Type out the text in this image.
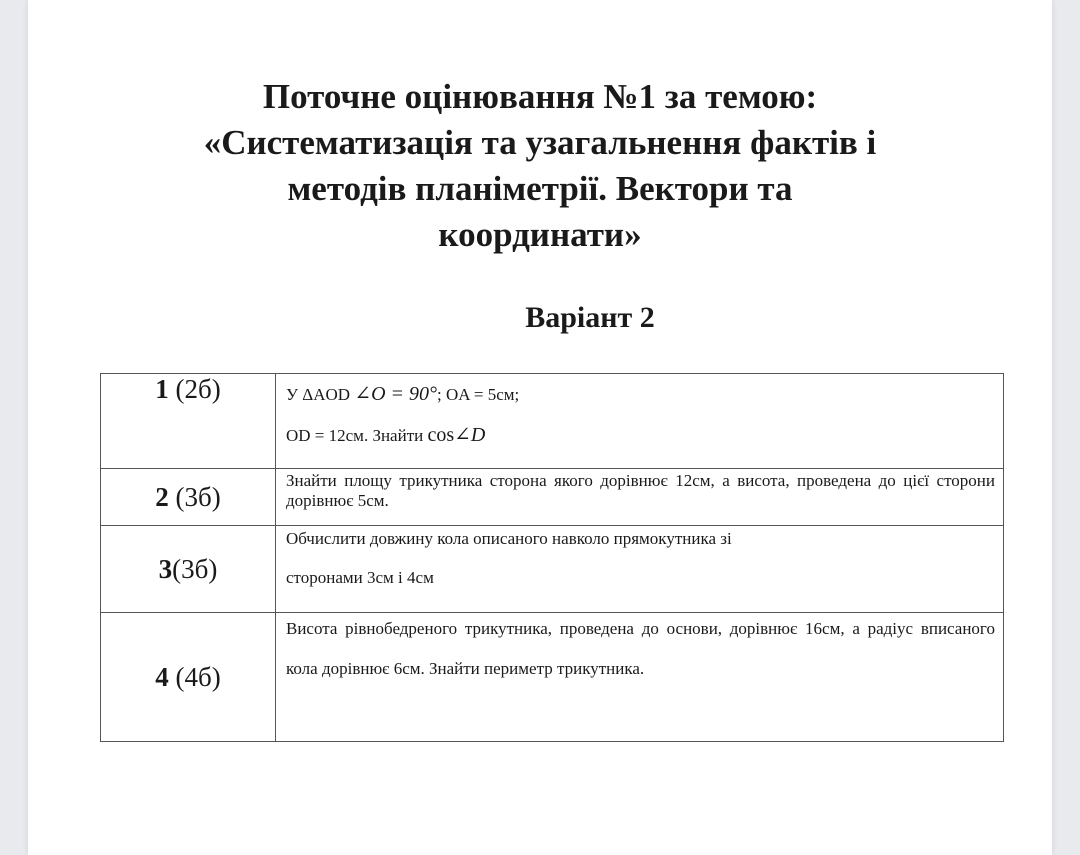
Поточне оцінювання №1 за темою:
«Систематизація та узагальнення фактів і
методів планіметрії. Вектори та
координати»
Варіант 2
1 (2б)	У ΔAOD ∠O = 90°; OA = 5см;
OD = 12см. Знайти cos∠D

2 (3б)	Знайти площу трикутника сторона якого дорівнює 12см, а висота, проведена до цієї сторони дорівнює 5см.

3(3б)	Обчислити довжину кола описаного навколо прямокутника зі
сторонами 3см і 4см

4 (4б)	Висота рівнобедреного трикутника, проведена до основи, дорівнює 16см, а радіус вписаного кола дорівнює 6см. Знайти периметр трикутника.
